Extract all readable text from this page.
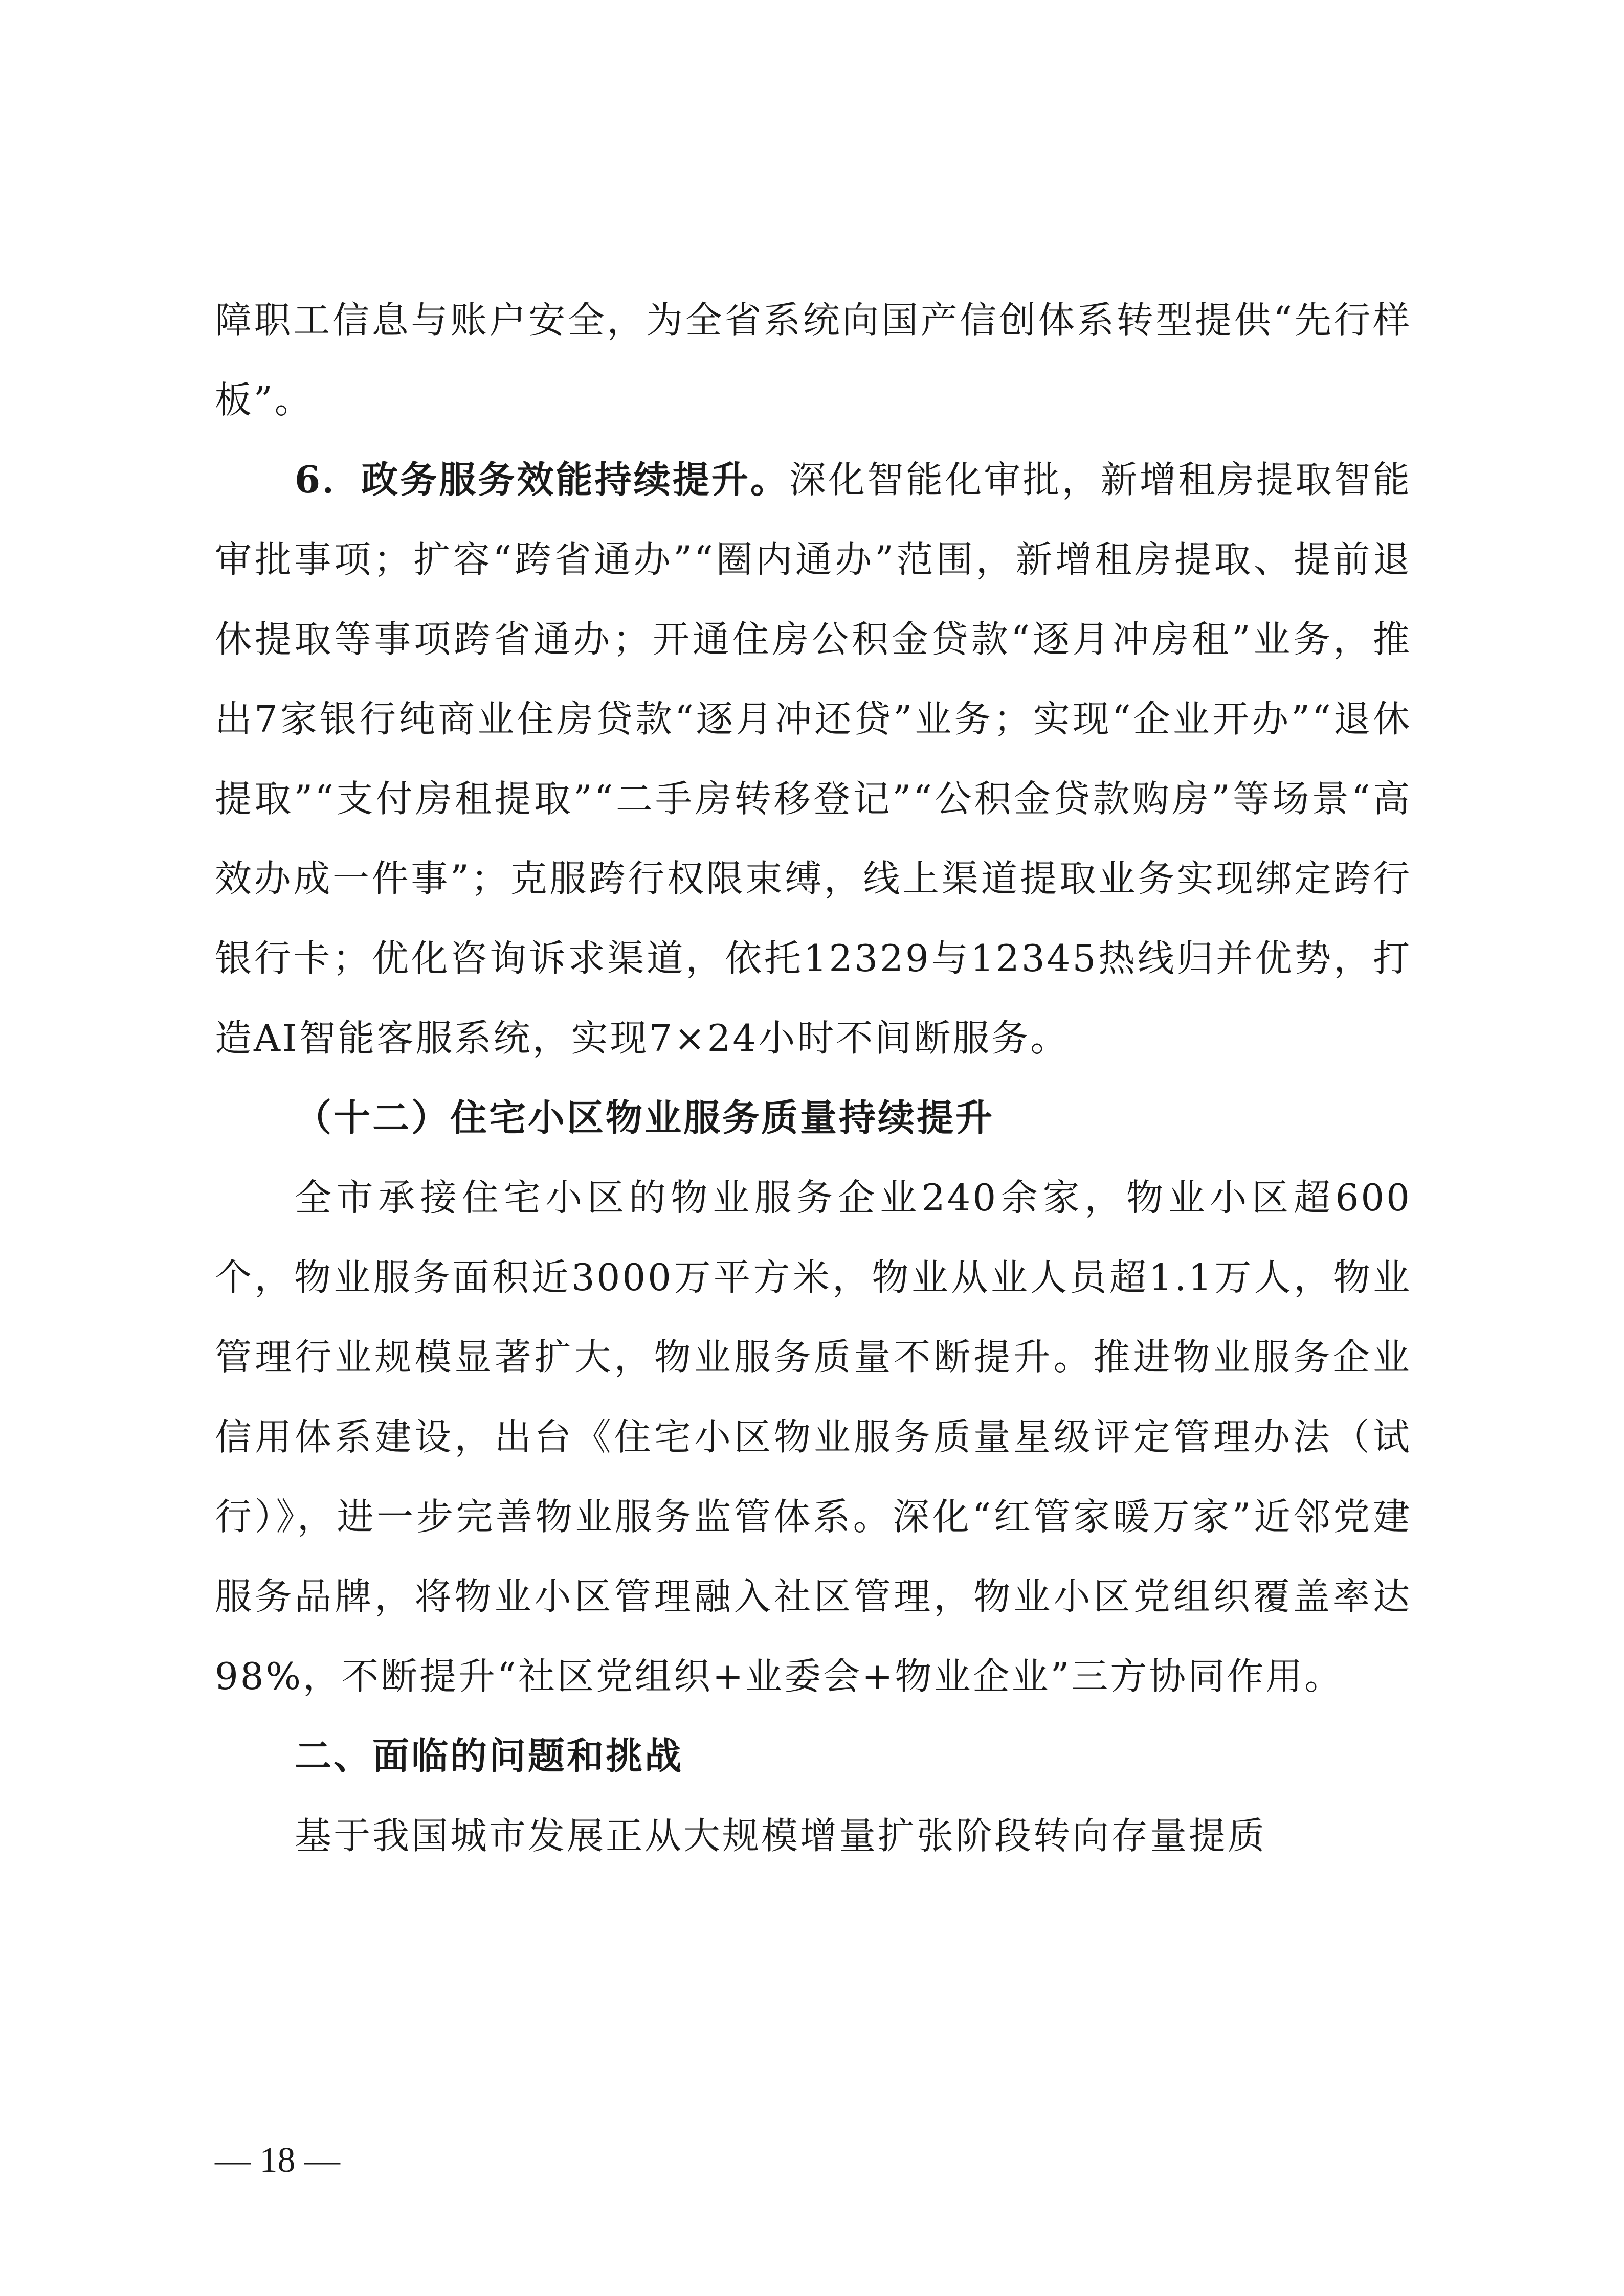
障职工信息与账户安全，为全省系统向国产信创体系转型提供“先行样板”。

6．政务服务效能持续提升。深化智能化审批，新增租房提取智能审批事项；扩容“跨省通办”“圈内通办”范围，新增租房提取、提前退休提取等事项跨省通办；开通住房公积金贷款“逐月冲房租”业务，推出7家银行纯商业住房贷款“逐月冲还贷”业务；实现“企业开办”“退休提取”“支付房租提取”“二手房转移登记”“公积金贷款购房”等场景“高效办成一件事”；克服跨行权限束缚，线上渠道提取业务实现绑定跨行银行卡；优化咨询诉求渠道，依托12329与12345热线归并优势，打造AI智能客服系统，实现7×24小时不间断服务。

（十二）住宅小区物业服务质量持续提升

全市承接住宅小区的物业服务企业240余家，物业小区超600个，物业服务面积近3000万平方米，物业从业人员超1.1万人，物业管理行业规模显著扩大，物业服务质量不断提升。推进物业服务企业信用体系建设，出台《住宅小区物业服务质量星级评定管理办法（试行）》，进一步完善物业服务监管体系。深化“红管家暖万家”近邻党建服务品牌，将物业小区管理融入社区管理，物业小区党组织覆盖率达98%，不断提升“社区党组织+业委会+物业企业”三方协同作用。

二、面临的问题和挑战

基于我国城市发展正从大规模增量扩张阶段转向存量提质

— 18 —
